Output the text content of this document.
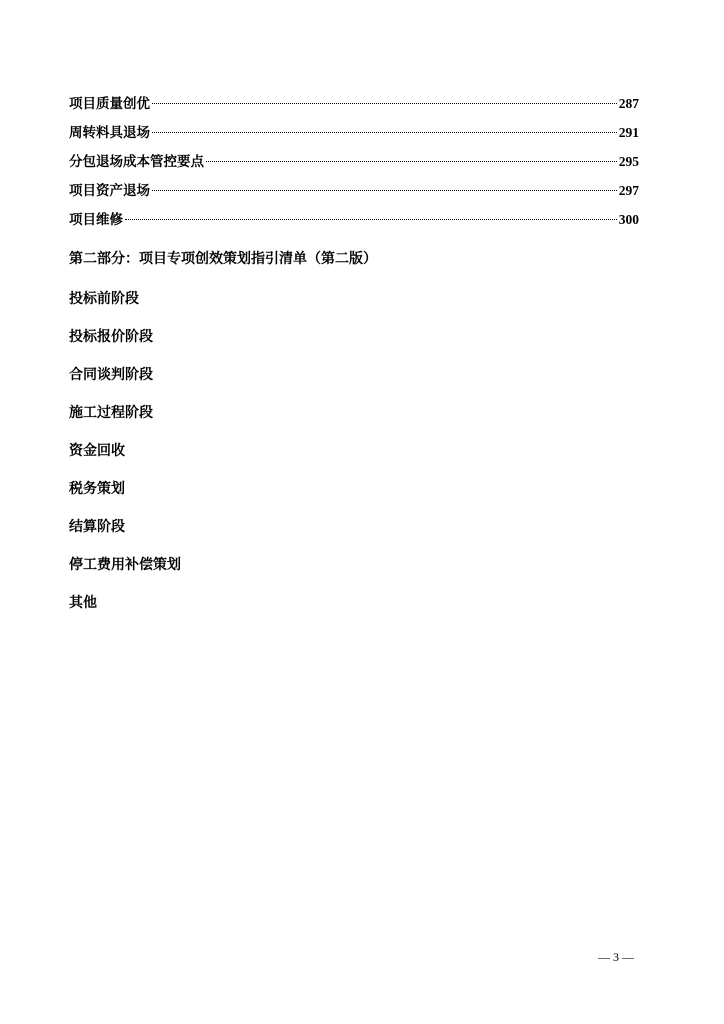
项目质量创优	287
周转料具退场	291
分包退场成本管控要点	295
项目资产退场	297
项目维修	300
第二部分：项目专项创效策划指引清单（第二版）
投标前阶段
投标报价阶段
合同谈判阶段
施工过程阶段
资金回收
税务策划
结算阶段
停工费用补偿策划
其他
— 3 —
